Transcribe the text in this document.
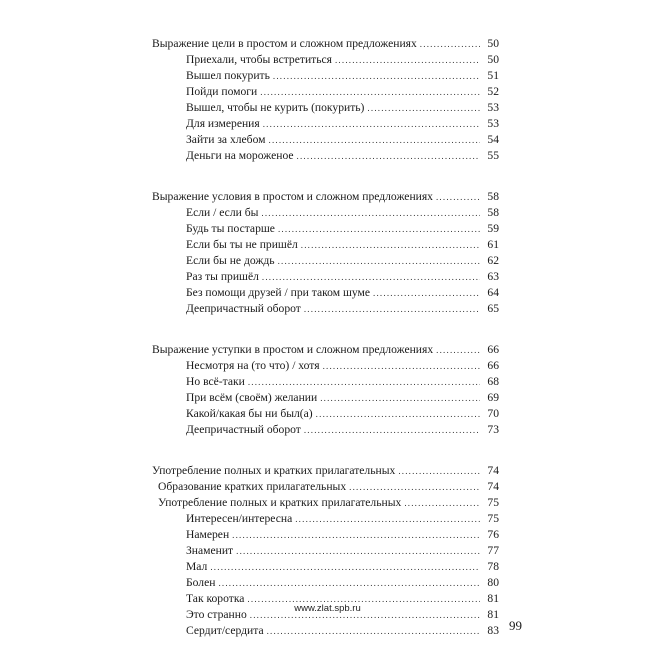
Выражение цели в простом и сложном предложениях .....	50
Приехали, чтобы встретиться .....	50
Вышел покурить .....	51
Пойди помоги .....	52
Вышел, чтобы не курить (покурить) .....	53
Для измерения .....	53
Зайти за хлебом .....	54
Деньги на мороженое .....	55
Выражение условия в простом и сложном предложениях .....	58
Если / если бы .....	58
Будь ты постарше .....	59
Если бы ты не пришёл .....	61
Если бы не дождь .....	62
Раз ты пришёл .....	63
Без помощи друзей / при таком шуме .....	64
Деепричастный оборот .....	65
Выражение уступки в простом и сложном предложениях .....	66
Несмотря на (то что) / хотя .....	66
Но всё-таки .....	68
При всём (своём) желании .....	69
Какой/какая бы ни был(а) .....	70
Деепричастный оборот .....	73
Употребление полных и кратких прилагательных .....	74
Образование кратких прилагательных .....	74
Употребление полных и кратких прилагательных .....	75
Интересен/интересна .....	75
Намерен .....	76
Знаменит .....	77
Мал .....	78
Болен .....	80
Так коротка .....	81
Это странно .....	81
Сердит/сердита .....	83
www.zlat.spb.ru
99
